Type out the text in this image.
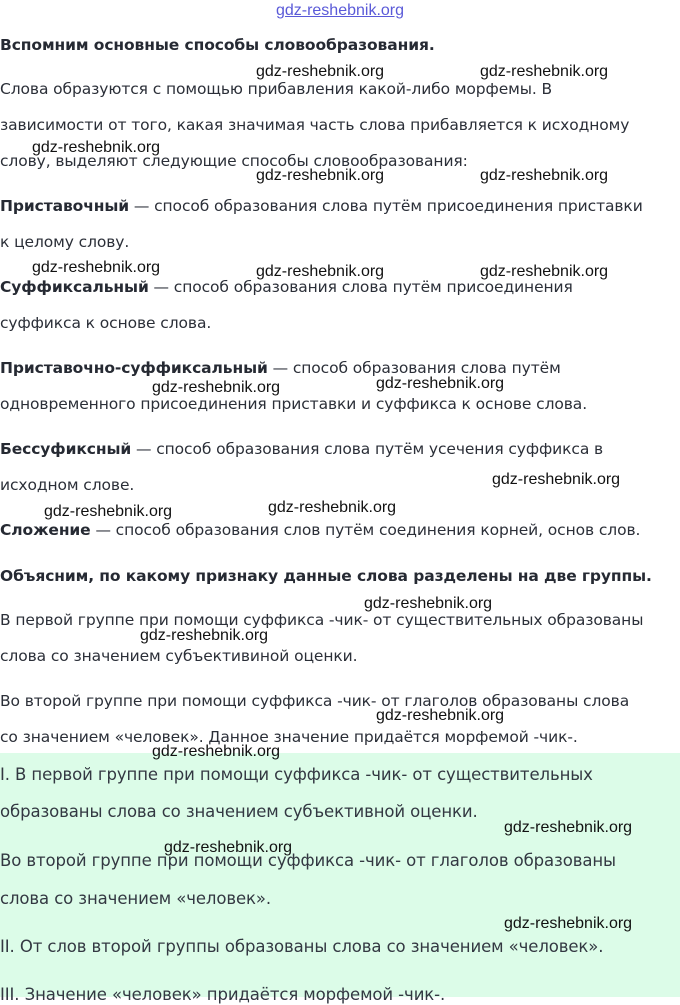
gdz-reshebnik.org
Вспомним основные способы словообразования.
Слова образуются с помощью прибавления какой-либо морфемы. В
зависимости от того, какая значимая часть слова прибавляется к исходному
слову, выделяют следующие способы словообразования:
Приставочный — способ образования слова путём присоединения приставки
к целому слову.
Суффиксальный — способ образования слова путём присоединения
суффикса к основе слова.
Приставочно-суффиксальный — способ образования слова путём
одновременного присоединения приставки и суффикса к основе слова.
Бессуфиксный — способ образования слова путём усечения суффикса в
исходном слове.
Сложение — способ образования слов путём соединения корней, основ слов.
Объясним, по какому признаку данные слова разделены на две группы.
В первой группе при помощи суффикса -чик- от существительных образованы
слова со значением субъективиной оценки.
Во второй группе при помощи суффикса -чик- от глаголов образованы слова
со значением «человек». Данное значение придаётся морфемой -чик-.
I. В первой группе при помощи суффикса -чик- от существительных
образованы слова со значением субъективной оценки.
Во второй группе при помощи суффикса -чик- от глаголов образованы
слова со значением «человек».
II. От слов второй группы образованы слова со значением «человек».
III. Значение «человек» придаётся морфемой -чик-.
gdz-reshebnik.org	gdz-reshebnik.org
gdz-reshebnik.org
gdz-reshebnik.org	gdz-reshebnik.org
gdz-reshebnik.org	gdz-reshebnik.org	gdz-reshebnik.org
gdz-reshebnik.org	gdz-reshebnik.org
gdz-reshebnik.org
gdz-reshebnik.org	gdz-reshebnik.org
gdz-reshebnik.org
gdz-reshebnik.org
gdz-reshebnik.org
gdz-reshebnik.org
gdz-reshebnik.org
gdz-reshebnik.org
gdz-reshebnik.org
